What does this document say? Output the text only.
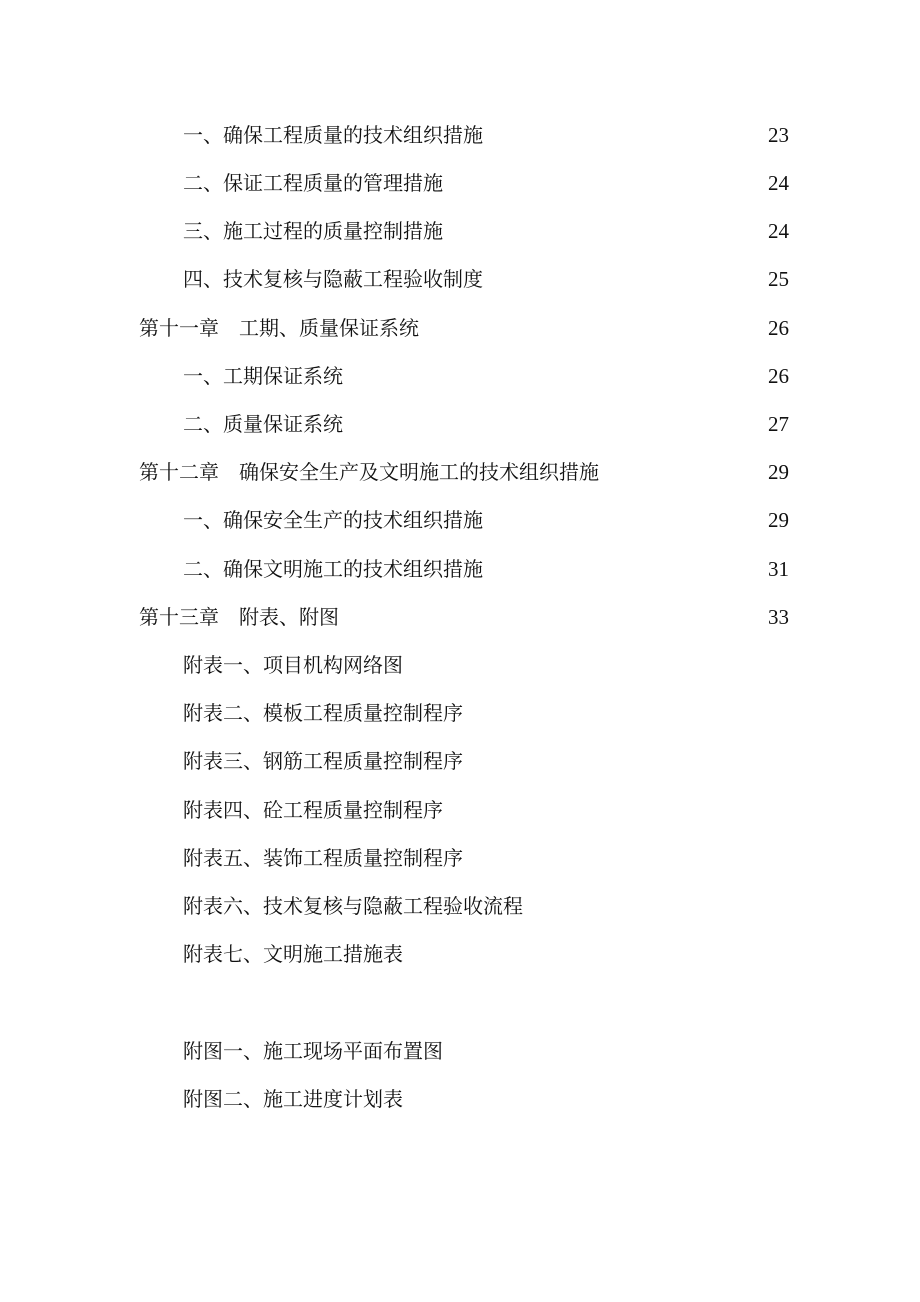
一、确保工程质量的技术组织措施	23
二、保证工程质量的管理措施	24
三、施工过程的质量控制措施	24
四、技术复核与隐蔽工程验收制度	25
第十一章　工期、质量保证系统	26
一、工期保证系统	26
二、质量保证系统	27
第十二章　确保安全生产及文明施工的技术组织措施	29
一、确保安全生产的技术组织措施	29
二、确保文明施工的技术组织措施	31
第十三章　附表、附图	33
附表一、项目机构网络图
附表二、模板工程质量控制程序
附表三、钢筋工程质量控制程序
附表四、砼工程质量控制程序
附表五、装饰工程质量控制程序
附表六、技术复核与隐蔽工程验收流程
附表七、文明施工措施表
附图一、施工现场平面布置图
附图二、施工进度计划表
